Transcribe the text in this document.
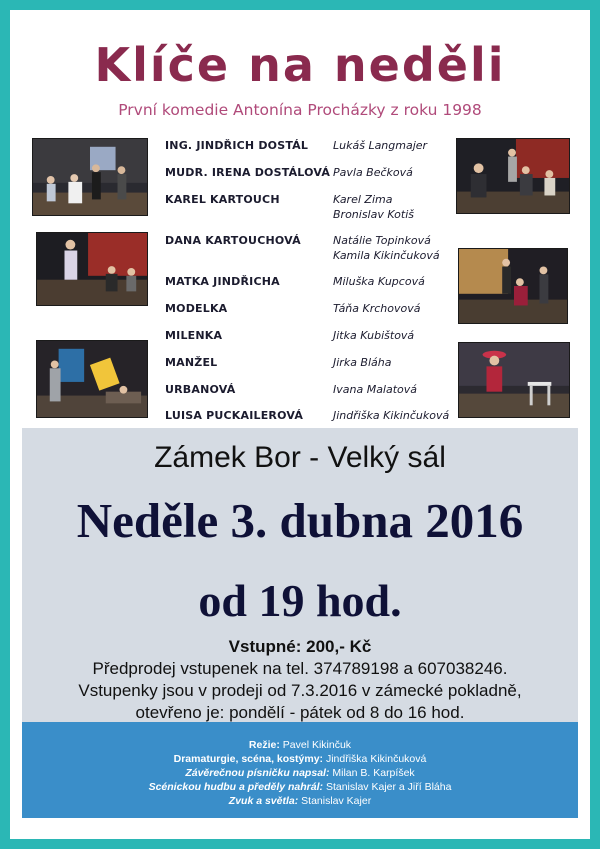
Klíče na neděli
První komedie Antonína Procházky z roku 1998
ING. JINDŘICH DOSTÁL Lukáš Langmajer
MUDR. IRENA DOSTÁLOVÁ Pavla Bečková
KAREL KARTOUCH	Karel Zima
Bronislav Kotiš
DANA KARTOUCHOVÁ	Natálie Topinková
Kamila Kikinčuková
MATKA JINDŘICHA	Miluška Kupcová
MODELKA	Táňa Krchovová
MILENKA	Jitka Kubištová
MANŽEL	Jirka Bláha
URBANOVÁ	Ivana Malatová
LUISA PUCKAILEROVÁ	Jindřiška Kikinčuková
Zámek Bor - Velký sál
Neděle 3. dubna 2016
od 19 hod.
Vstupné: 200,- Kč
Předprodej vstupenek na tel. 374789198 a 607038246.
Vstupenky jsou v prodeji od 7.3.2016 v zámecké pokladně,
otevřeno je: pondělí - pátek od 8 do 16 hod.
Režie: Pavel Kikinčuk
Dramaturgie, scéna, kostýmy: Jindřiška Kikinčuková
Závěrečnou písničku napsal: Milan B. Karpíšek
Scénickou hudbu a předěly nahrál: Stanislav Kajer a Jiří Bláha
Zvuk a světla: Stanislav Kajer
